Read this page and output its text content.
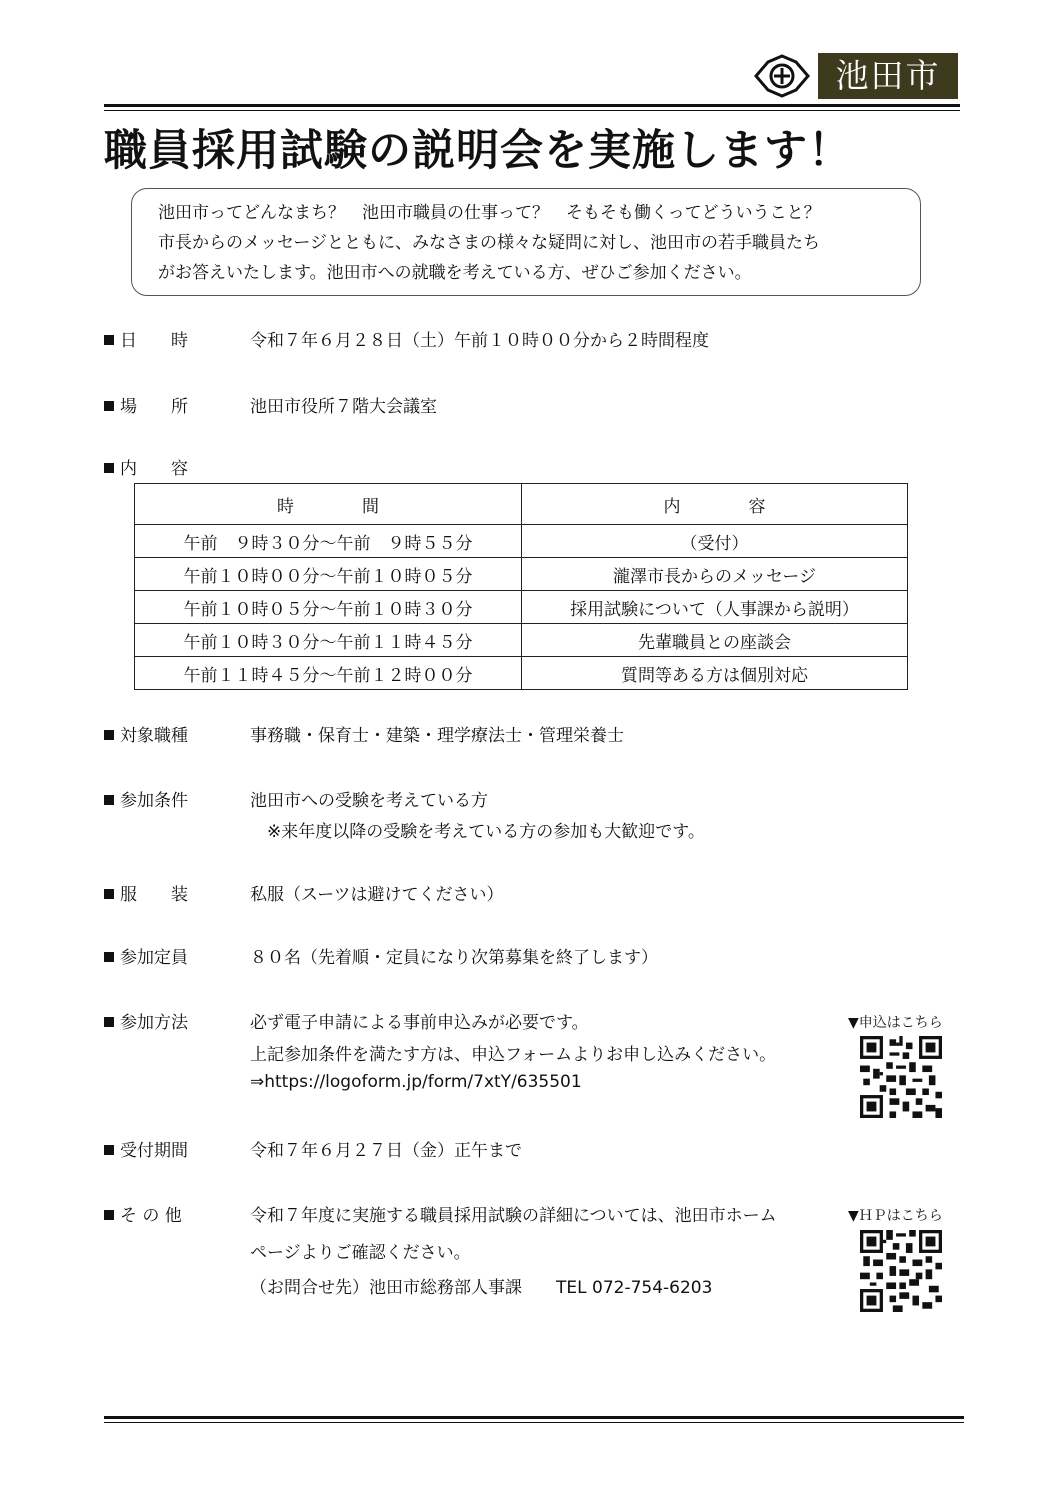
池田市
職員採用試験の説明会を実施します！
池田市ってどんなまち？　池田市職員の仕事って？　そもそも働くってどういうこと？
市長からのメッセージとともに、みなさまの様々な疑問に対し、池田市の若手職員たち
がお答えいたします。池田市への就職を考えている方、ぜひご参加ください。
日　　時	令和７年６月２８日（土）午前１０時００分から２時間程度
場　　所	池田市役所７階大会議室
内　　容
時　　　　間	内　　　　容
午前　９時３０分～午前　９時５５分	（受付）
午前１０時００分～午前１０時０５分	瀧澤市長からのメッセージ
午前１０時０５分～午前１０時３０分	採用試験について（人事課から説明）
午前１０時３０分～午前１１時４５分	先輩職員との座談会
午前１１時４５分～午前１２時００分	質問等ある方は個別対応
対象職種	事務職・保育士・建築・理学療法士・管理栄養士
参加条件	池田市への受験を考えている方
※来年度以降の受験を考えている方の参加も大歓迎です。
服　　装	私服（スーツは避けてください）
参加定員	８０名（先着順・定員になり次第募集を終了します）
参加方法	必ず電子申請による事前申込みが必要です。
上記参加条件を満たす方は、申込フォームよりお申し込みください。
⇒https://logoform.jp/form/7xtY/635501
▼申込はこちら
受付期間	令和７年６月２７日（金）正午まで
そ の 他	令和７年度に実施する職員採用試験の詳細については、池田市ホーム
ページよりご確認ください。
（お問合せ先）池田市総務部人事課　　TEL 072-754-6203
▼ＨＰはこちら
